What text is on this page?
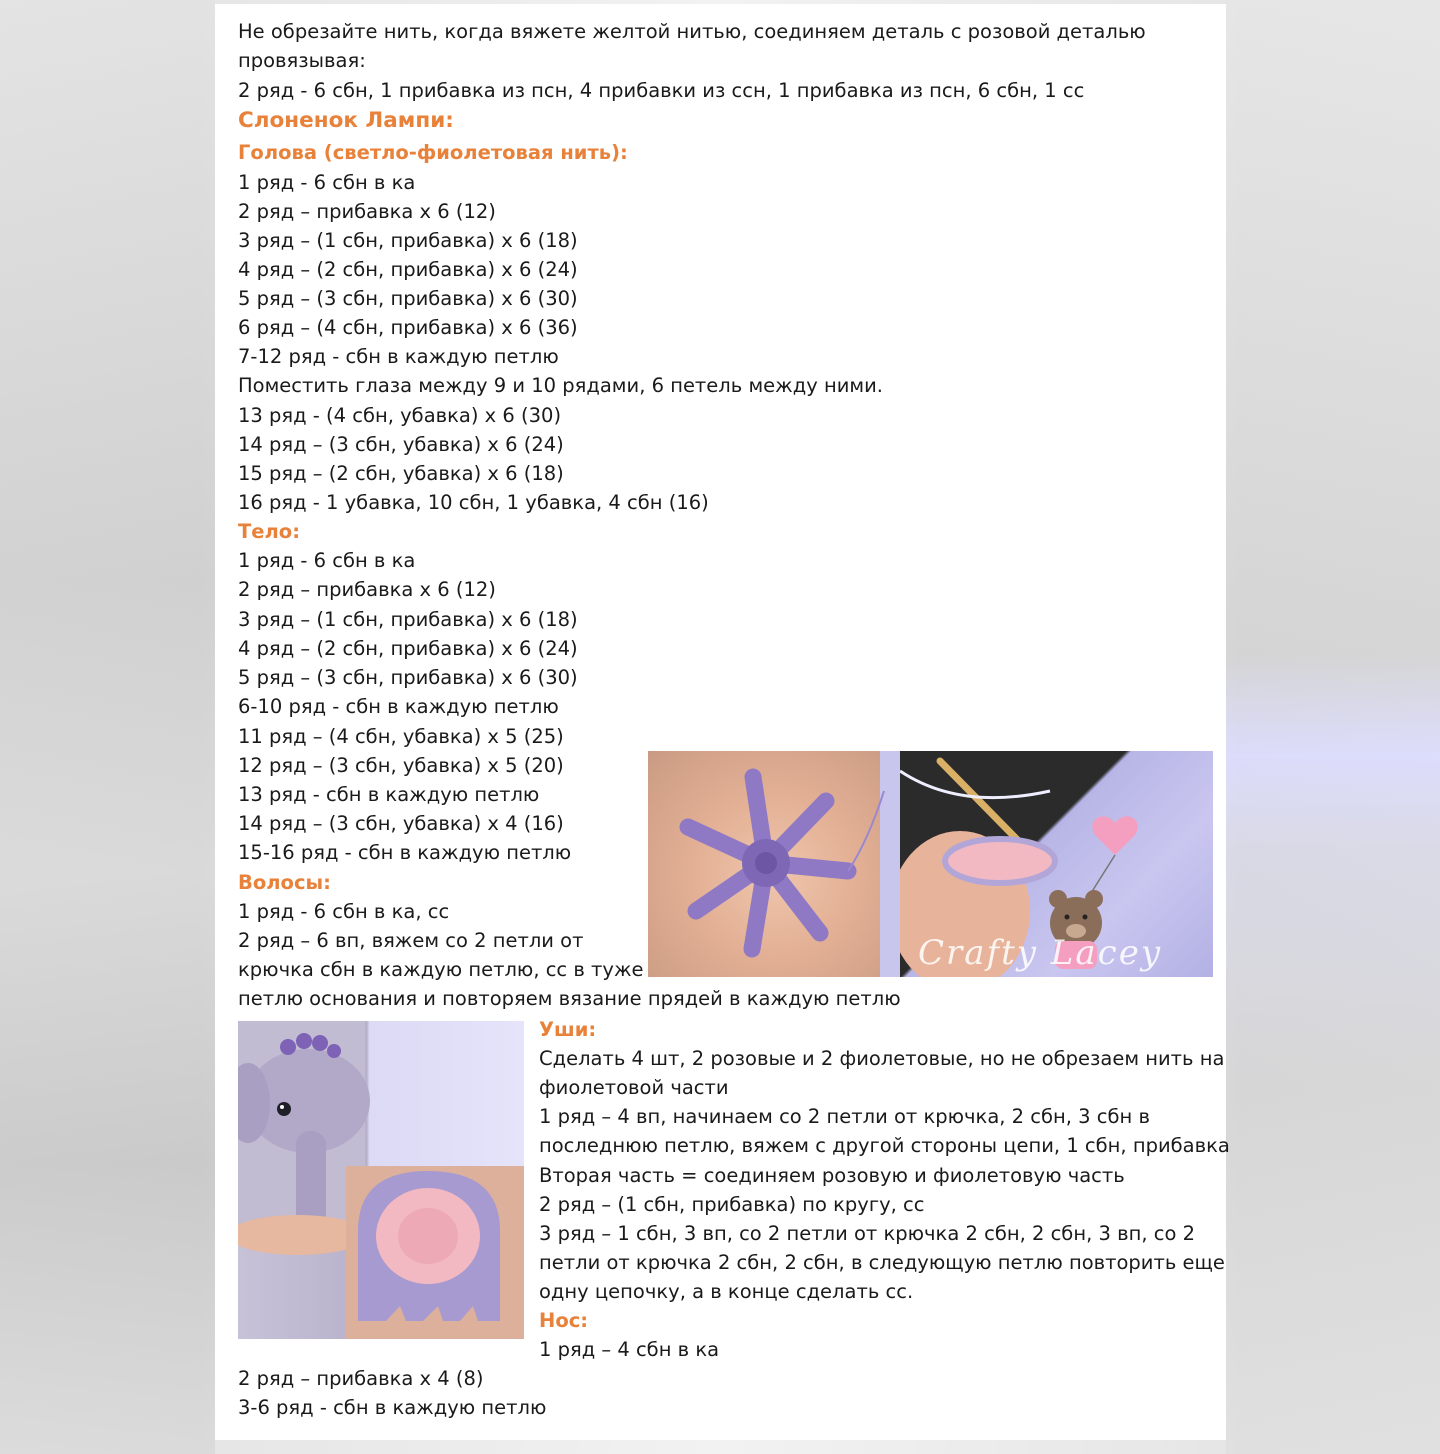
Не обрезайте нить, когда вяжете желтой нитью, соединяем деталь с розовой деталью
провязывая:
2 ряд - 6 сбн, 1 прибавка из псн, 4 прибавки из ссн, 1 прибавка из псн, 6 сбн, 1 сс
Слоненок Лампи:
Голова (светло-фиолетовая нить):
1 ряд - 6 сбн в ка
2 ряд – прибавка х 6 (12)
3 ряд – (1 сбн, прибавка) х 6 (18)
4 ряд – (2 сбн, прибавка) х 6 (24)
5 ряд – (3 сбн, прибавка) х 6 (30)
6 ряд – (4 сбн, прибавка) х 6 (36)
7-12 ряд - сбн в каждую петлю
Поместить глаза между 9 и 10 рядами, 6 петель между ними.
13 ряд - (4 сбн, убавка) х 6 (30)
14 ряд – (3 сбн, убавка) х 6 (24)
15 ряд – (2 сбн, убавка) х 6 (18)
16 ряд - 1 убавка, 10 сбн, 1 убавка, 4 сбн (16)
Тело:
1 ряд - 6 сбн в ка
2 ряд – прибавка х 6 (12)
3 ряд – (1 сбн, прибавка) х 6 (18)
4 ряд – (2 сбн, прибавка) х 6 (24)
5 ряд – (3 сбн, прибавка) х 6 (30)
6-10 ряд - сбн в каждую петлю
11 ряд – (4 сбн, убавка) х 5 (25)
12 ряд – (3 сбн, убавка) х 5 (20)
13 ряд - сбн в каждую петлю
14 ряд – (3 сбн, убавка) х 4 (16)
15-16 ряд - сбн в каждую петлю
Волосы:
1 ряд - 6 сбн в ка, сс
2 ряд – 6 вп, вяжем со 2 петли от
крючка сбн в каждую петлю, сс в туже
петлю основания и повторяем вязание прядей в каждую петлю
Crafty Lacey
Уши:
Сделать 4 шт, 2 розовые и 2 фиолетовые, но не обрезаем нить на
фиолетовой части
1 ряд – 4 вп, начинаем со 2 петли от крючка, 2 сбн, 3 сбн в
последнюю петлю, вяжем с другой стороны цепи, 1 сбн, прибавка
Вторая часть = соединяем розовую и фиолетовую часть
2 ряд – (1 сбн, прибавка) по кругу, сс
3 ряд – 1 сбн, 3 вп, со 2 петли от крючка 2 сбн, 2 сбн, 3 вп, со 2
петли от крючка 2 сбн, 2 сбн, в следующую петлю повторить еще
одну цепочку, а в конце сделать сс.
Нос:
1 ряд – 4 сбн в ка
2 ряд – прибавка х 4 (8)
3-6 ряд - сбн в каждую петлю
